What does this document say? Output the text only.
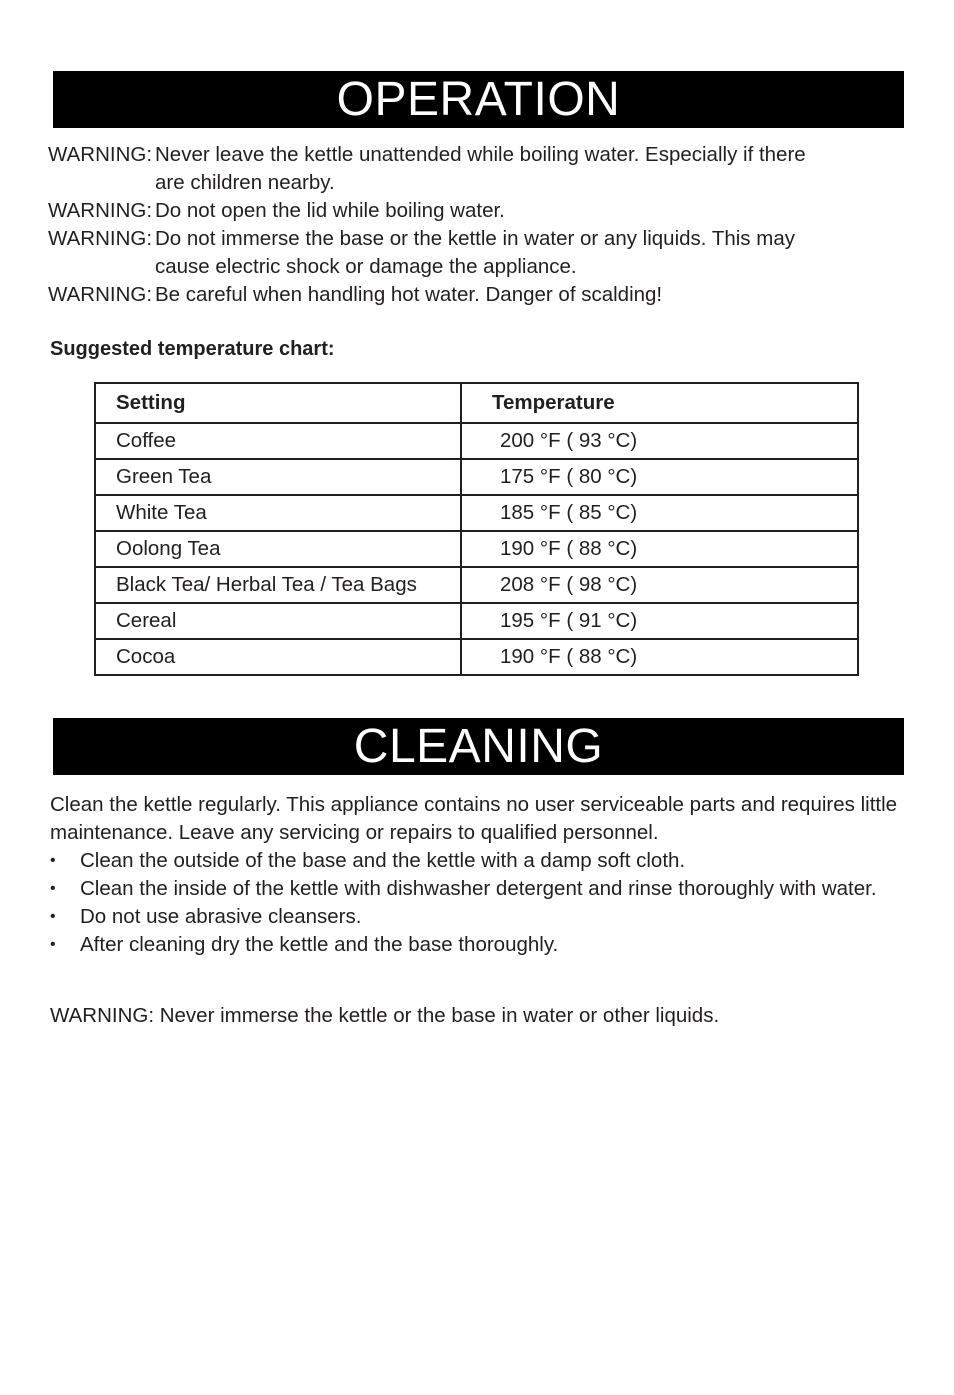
OPERATION
WARNING: Never leave the kettle unattended while boiling water. Especially if there
are children nearby.
WARNING: Do not open the lid while boiling water.
WARNING: Do not immerse the base or the kettle in water or any liquids. This may
cause electric shock or damage the appliance.
WARNING: Be careful when handling hot water. Danger of scalding!
Suggested temperature chart:
Setting	Temperature
Coffee	200 °F ( 93 °C)
Green Tea	175 °F ( 80 °C)
White Tea	185 °F ( 85 °C)
Oolong Tea	190 °F ( 88 °C)
Black Tea/ Herbal Tea / Tea Bags	208 °F ( 98 °C)
Cereal	195 °F ( 91 °C)
Cocoa	190 °F ( 88 °C)
CLEANING

Clean the kettle regularly. This appliance contains no user serviceable parts and requires little maintenance. Leave any servicing or repairs to qualified personnel.

•
Clean the outside of the base and the kettle with a damp soft cloth.
•
Clean the inside of the kettle with dishwasher detergent and rinse thoroughly with water.
•
Do not use abrasive cleansers.
•
After cleaning dry the kettle and the base thoroughly.
WARNING: Never immerse the kettle or the base in water or other liquids.
